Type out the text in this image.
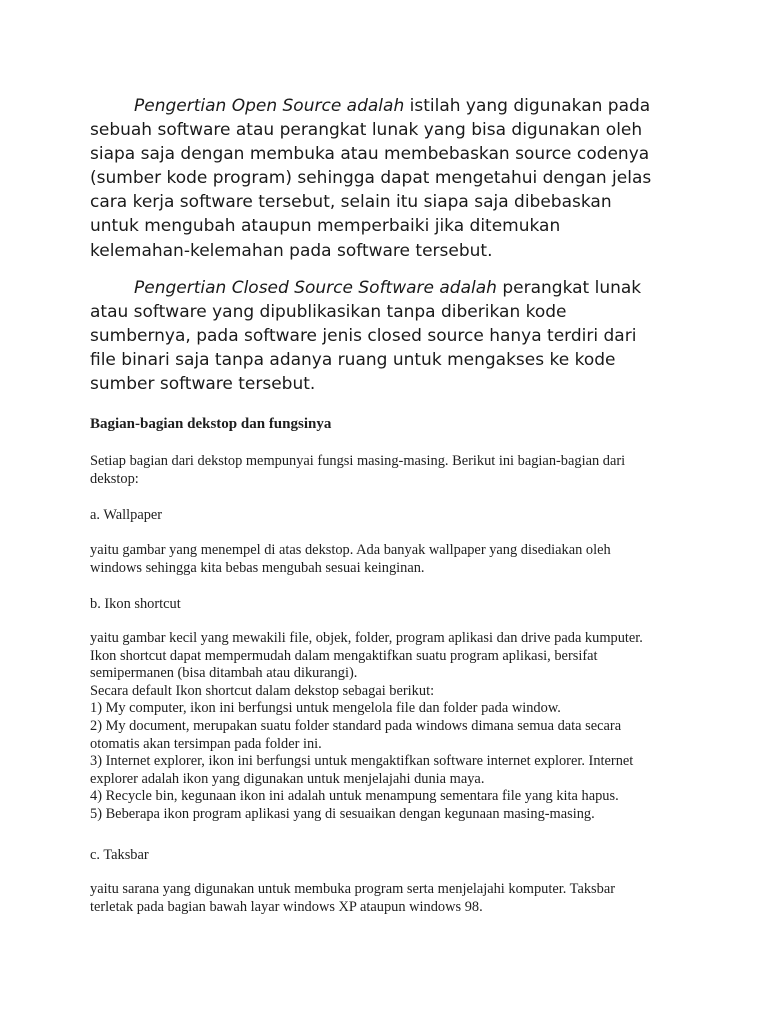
Pengertian Open Source adalah istilah yang digunakan pada
sebuah software atau perangkat lunak yang bisa digunakan oleh
siapa saja dengan membuka atau membebaskan source codenya
(sumber kode program) sehingga dapat mengetahui dengan jelas
cara kerja software tersebut, selain itu siapa saja dibebaskan
untuk mengubah ataupun memperbaiki jika ditemukan
kelemahan-kelemahan pada software tersebut.

Pengertian Closed Source Software adalah perangkat lunak
atau software yang dipublikasikan tanpa diberikan kode
sumbernya, pada software jenis closed source hanya terdiri dari
file binari saja tanpa adanya ruang untuk mengakses ke kode
sumber software tersebut.

Bagian-bagian dekstop dan fungsinya
Setiap bagian dari dekstop mempunyai fungsi masing-masing. Berikut ini bagian-bagian dari
dekstop:
a. Wallpaper
yaitu gambar yang menempel di atas dekstop. Ada banyak wallpaper yang disediakan oleh
windows sehingga kita bebas mengubah sesuai keinginan.
b. Ikon shortcut
yaitu gambar kecil yang mewakili file, objek, folder, program aplikasi dan drive pada kumputer.
Ikon shortcut dapat mempermudah dalam mengaktifkan suatu program aplikasi, bersifat
semipermanen (bisa ditambah atau dikurangi).
Secara default Ikon shortcut dalam dekstop sebagai berikut:
1) My computer, ikon ini berfungsi untuk mengelola file dan folder pada window.
2) My document, merupakan suatu folder standard pada windows dimana semua data secara
otomatis akan tersimpan pada folder ini.
3) Internet explorer, ikon ini berfungsi untuk mengaktifkan software internet explorer. Internet
explorer adalah ikon yang digunakan untuk menjelajahi dunia maya.
4) Recycle bin, kegunaan ikon ini adalah untuk menampung sementara file yang kita hapus.
5) Beberapa ikon program aplikasi yang di sesuaikan dengan kegunaan masing-masing.
c. Taksbar
yaitu sarana yang digunakan untuk membuka program serta menjelajahi komputer. Taksbar
terletak pada bagian bawah layar windows XP ataupun windows 98.
